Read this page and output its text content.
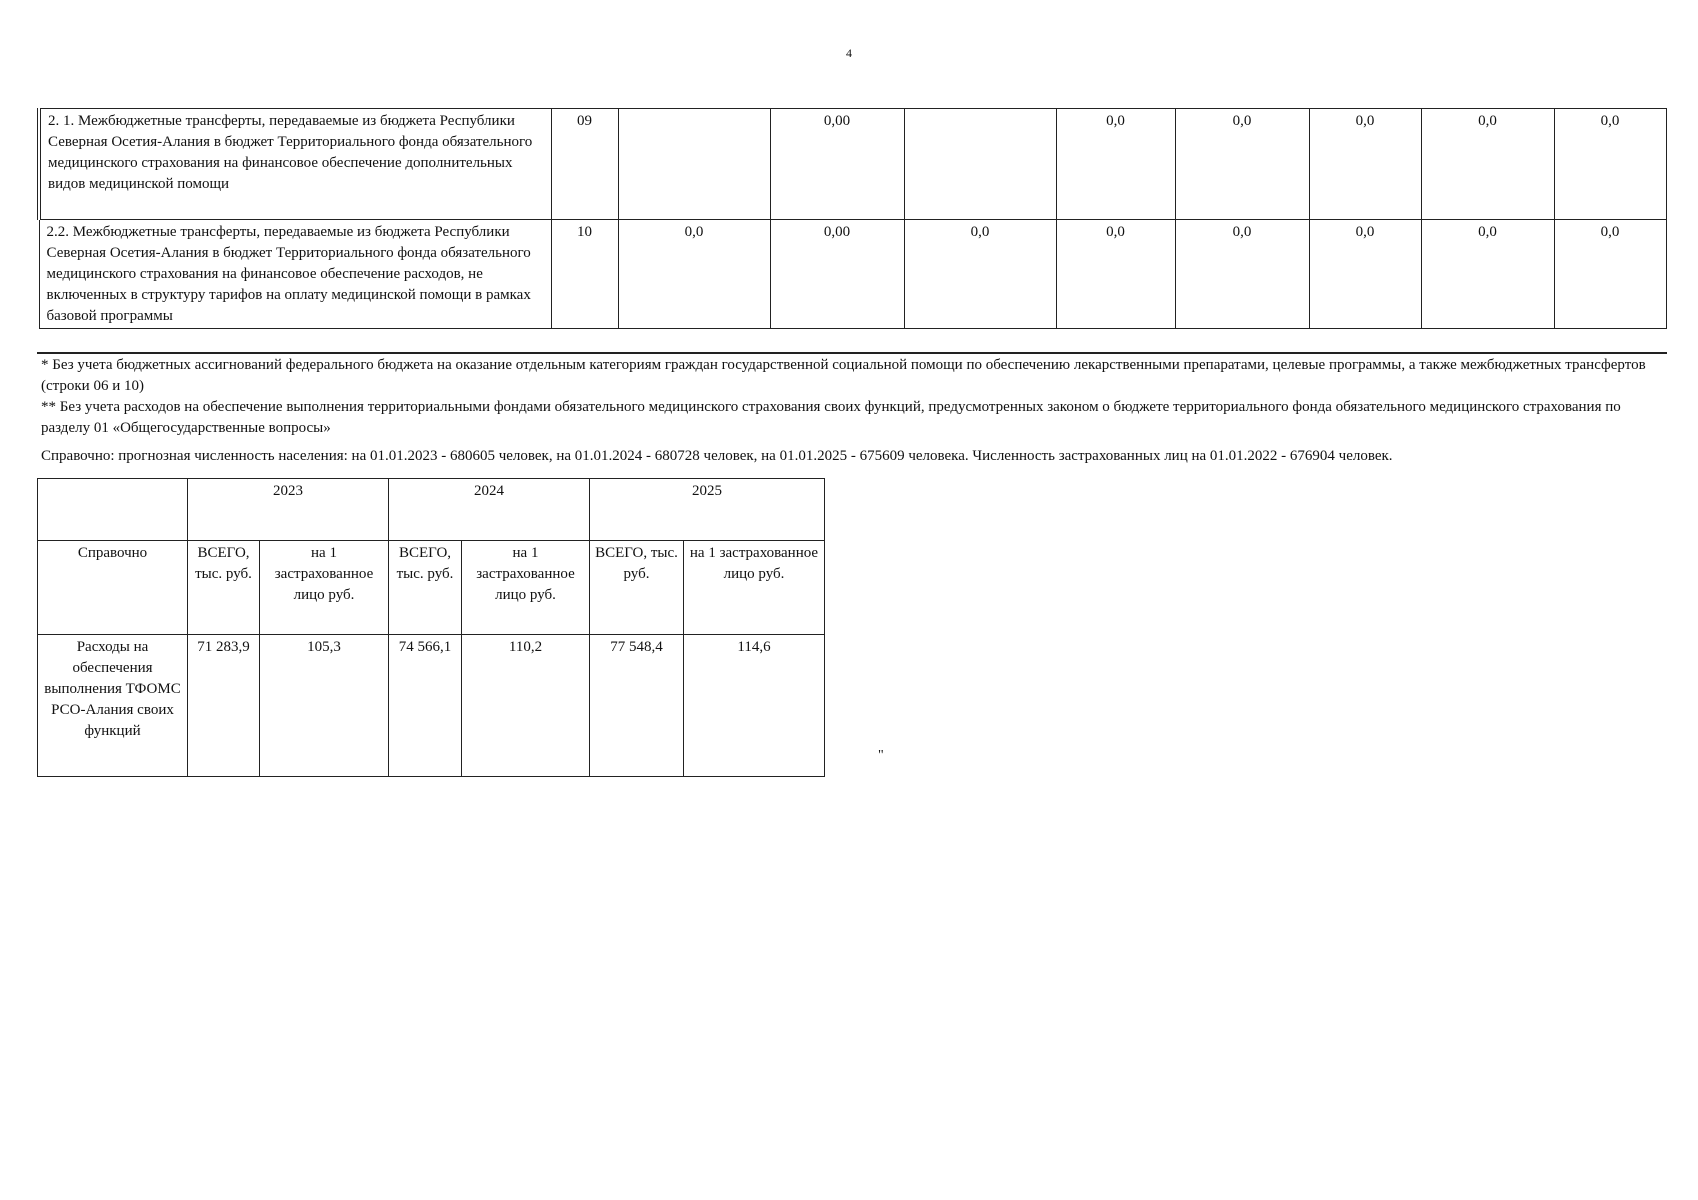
4
2. 1. Межбюджетные трансферты, передаваемые из бюджета Республики Северная Осетия-Алания в бюджет Территориального фонда обязательного медицинского страхования на финансовое обеспечение дополнительных видов медицинской помощи	09		0,00		0,0	0,0	0,0	0,0	0,0
2.2. Межбюджетные трансферты, передаваемые из бюджета Республики Северная Осетия-Алания в бюджет Территориального фонда обязательного медицинского страхования на финансовое обеспечение расходов, не включенных в структуру тарифов на оплату медицинской помощи в рамках базовой программы	10	0,0	0,00	0,0	0,0	0,0	0,0	0,0	0,0
* Без учета бюджетных ассигнований федерального бюджета на оказание отдельным категориям граждан государственной социальной помощи по обеспечению лекарственными препаратами, целевые программы, а также межбюджетных трансфертов (строки 06 и 10)
** Без учета расходов на обеспечение выполнения территориальными фондами обязательного медицинского страхования своих функций, предусмотренных законом о бюджете территориального фонда обязательного медицинского страхования по разделу 01 «Общегосударственные вопросы»
Справочно: прогнозная численность населения: на 01.01.2023 - 680605 человек, на 01.01.2024 - 680728 человек, на 01.01.2025 - 675609 человека. Численность застрахованных лиц на 01.01.2022 - 676904 человек.
	2023		2024		2025	
Справочно	ВСЕГО, тыс. руб.	на 1 застрахованное лицо руб.	ВСЕГО, тыс. руб.	на 1 застрахованное лицо руб.	ВСЕГО, тыс. руб.	на 1 застрахованное лицо руб.
Расходы на обеспечения выполнения ТФОМС РСО-Алания своих функций	71 283,9	105,3	74 566,1	110,2	77 548,4	114,6
"
